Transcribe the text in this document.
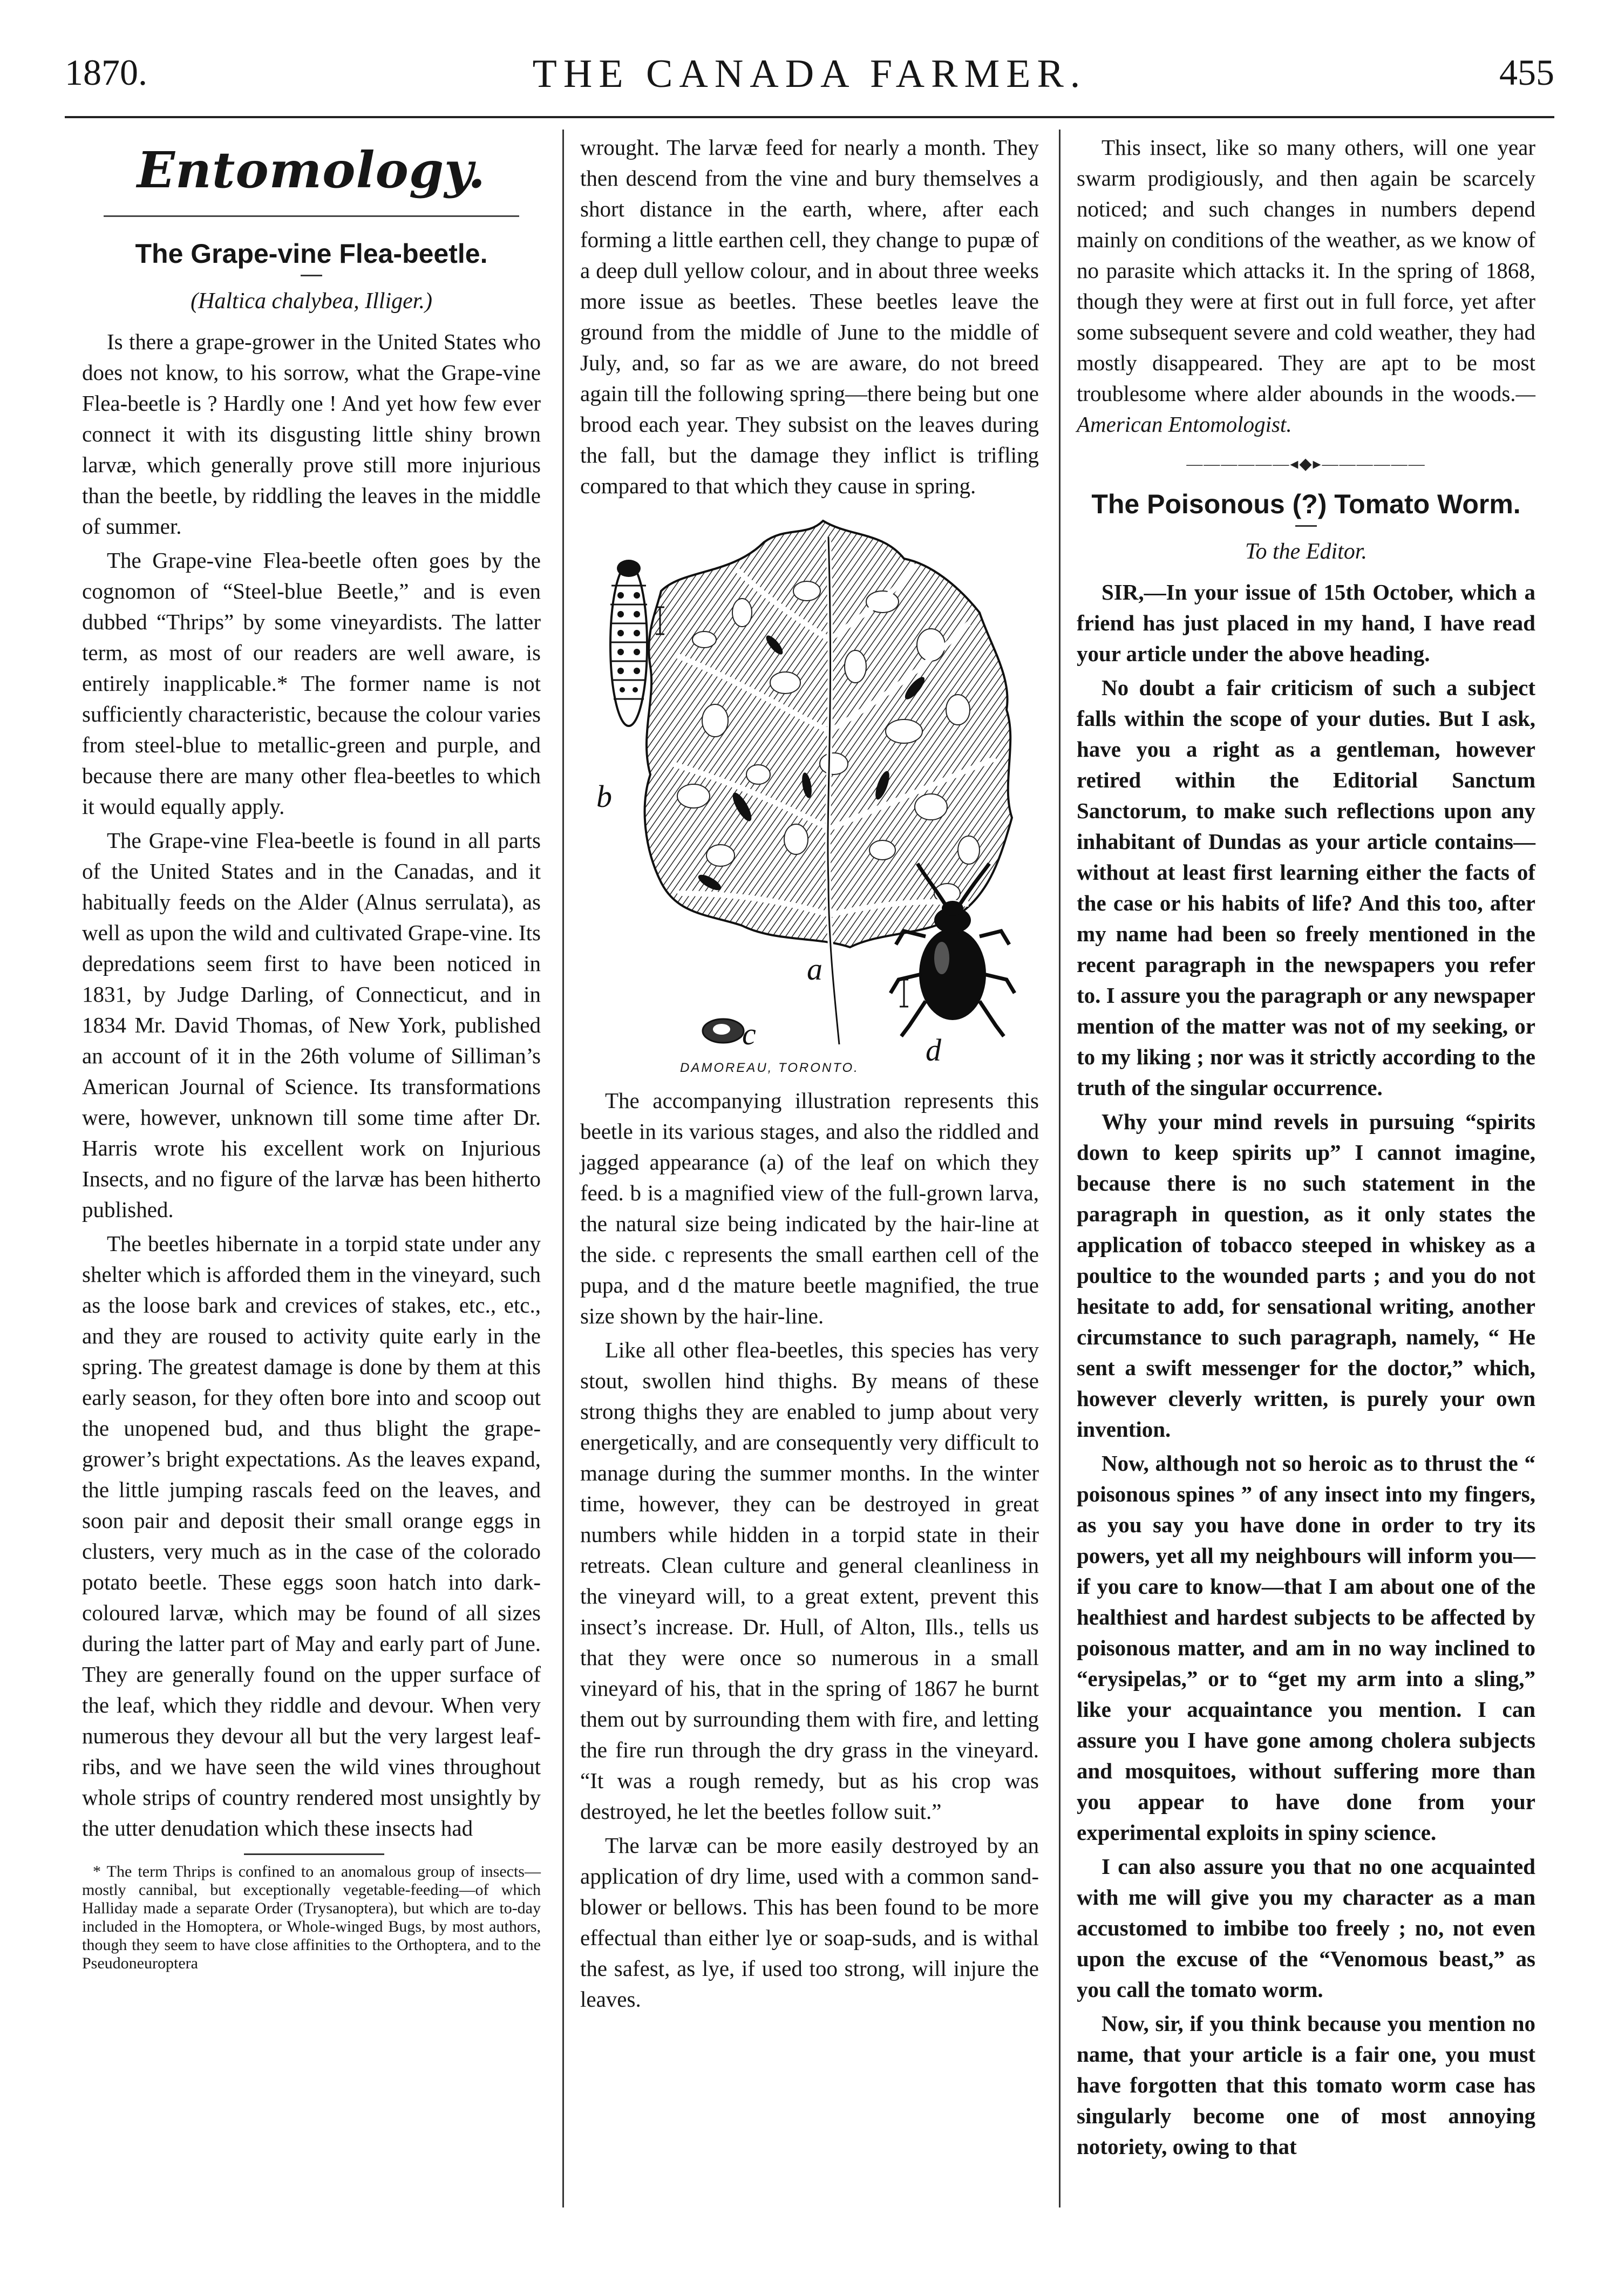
1870.	THE CANADA FARMER.	455
Entomology.
The Grape-vine Flea-beetle.
(Haltica chalybea, Illiger.)

Is there a grape-grower in the United States who does not know, to his sorrow, what the Grape-vine Flea-beetle is ? Hardly one ! And yet how few ever connect it with its disgusting little shiny brown larvæ, which generally prove still more injurious than the beetle, by riddling the leaves in the middle of summer.

The Grape-vine Flea-beetle often goes by the cognomon of “Steel-blue Beetle,” and is even dubbed “Thrips” by some vineyardists. The latter term, as most of our readers are well aware, is entirely inapplicable.* The former name is not sufficiently characteristic, because the colour varies from steel-blue to metallic-green and purple, and because there are many other flea-beetles to which it would equally apply.

The Grape-vine Flea-beetle is found in all parts of the United States and in the Canadas, and it habitually feeds on the Alder (Alnus serrulata), as well as upon the wild and cultivated Grape-vine. Its depredations seem first to have been noticed in 1831, by Judge Darling, of Connecticut, and in 1834 Mr. David Thomas, of New York, published an account of it in the 26th volume of Silliman’s American Journal of Science. Its transformations were, however, unknown till some time after Dr. Harris wrote his excellent work on Injurious Insects, and no figure of the larvæ has been hitherto published.

The beetles hibernate in a torpid state under any shelter which is afforded them in the vineyard, such as the loose bark and crevices of stakes, etc., etc., and they are roused to activity quite early in the spring. The greatest damage is done by them at this early season, for they often bore into and scoop out the unopened bud, and thus blight the grape-grower’s bright expectations. As the leaves expand, the little jumping rascals feed on the leaves, and soon pair and deposit their small orange eggs in clusters, very much as in the case of the colorado potato beetle. These eggs soon hatch into dark-coloured larvæ, which may be found of all sizes during the latter part of May and early part of June. They are generally found on the upper surface of the leaf, which they riddle and devour. When very numerous they devour all but the very largest leaf-ribs, and we have seen the wild vines throughout whole strips of country rendered most unsightly by the utter denudation which these insects had

* The term Thrips is confined to an anomalous group of insects—mostly cannibal, but exceptionally vegetable-feeding—of which Halliday made a separate Order (Trysanoptera), but which are to-day included in the Homoptera, or Whole-winged Bugs, by most authors, though they seem to have close affinities to the Orthoptera, and to the Pseudoneuroptera

wrought. The larvæ feed for nearly a month. They then descend from the vine and bury themselves a short distance in the earth, where, after each forming a little earthen cell, they change to pupæ of a deep dull yellow colour, and in about three weeks more issue as beetles. These beetles leave the ground from the middle of June to the middle of July, and, so far as we are aware, do not breed again till the following spring—there being but one brood each year. They subsist on the leaves during the fall, but the damage they inflict is trifling compared to that which they cause in spring.

b
a
c	d
DAMOREAU, TORONTO.

The accompanying illustration represents this beetle in its various stages, and also the riddled and jagged appearance (a) of the leaf on which they feed. b is a magnified view of the full-grown larva, the natural size being indicated by the hair-line at the side. c represents the small earthen cell of the pupa, and d the mature beetle magnified, the true size shown by the hair-line.

Like all other flea-beetles, this species has very stout, swollen hind thighs. By means of these strong thighs they are enabled to jump about very energetically, and are consequently very difficult to manage during the summer months. In the winter time, however, they can be destroyed in great numbers while hidden in a torpid state in their retreats. Clean culture and general cleanliness in the vineyard will, to a great extent, prevent this insect’s increase. Dr. Hull, of Alton, Ills., tells us that they were once so numerous in a small vineyard of his, that in the spring of 1867 he burnt them out by surrounding them with fire, and letting the fire run through the dry grass in the vineyard. “It was a rough remedy, but as his crop was destroyed, he let the beetles follow suit.”

The larvæ can be more easily destroyed by an application of dry lime, used with a common sand-blower or bellows. This has been found to be more effectual than either lye or soap-suds, and is withal the safest, as lye, if used too strong, will injure the leaves.

This insect, like so many others, will one year swarm prodigiously, and then again be scarcely noticed; and such changes in numbers depend mainly on conditions of the weather, as we know of no parasite which attacks it. In the spring of 1868, though they were at first out in full force, yet after some subsequent severe and cold weather, they had mostly disappeared. They are apt to be most troublesome where alder abounds in the woods.—American Entomologist.

——————◂◆▸——————
The Poisonous (?) Tomato Worm.
To the Editor.

SIR,—In your issue of 15th October, which a friend has just placed in my hand, I have read your article under the above heading.

No doubt a fair criticism of such a subject falls within the scope of your duties. But I ask, have you a right as a gentleman, however retired within the Editorial Sanctum Sanctorum, to make such reflections upon any inhabitant of Dundas as your article contains—without at least first learning either the facts of the case or his habits of life? And this too, after my name had been so freely mentioned in the recent paragraph in the newspapers you refer to. I assure you the paragraph or any newspaper mention of the matter was not of my seeking, or to my liking ; nor was it strictly according to the truth of the singular occurrence.

Why your mind revels in pursuing “spirits down to keep spirits up” I cannot imagine, because there is no such statement in the paragraph in question, as it only states the application of tobacco steeped in whiskey as a poultice to the wounded parts ; and you do not hesitate to add, for sensational writing, another circumstance to such paragraph, namely, “ He sent a swift messenger for the doctor,” which, however cleverly written, is purely your own invention.

Now, although not so heroic as to thrust the “ poisonous spines ” of any insect into my fingers, as you say you have done in order to try its powers, yet all my neighbours will inform you—if you care to know—that I am about one of the healthiest and hardest subjects to be affected by poisonous matter, and am in no way inclined to “erysipelas,” or to “get my arm into a sling,” like your acquaintance you mention. I can assure you I have gone among cholera subjects and mosquitoes, without suffering more than you appear to have done from your experimental exploits in spiny science.

I can also assure you that no one acquainted with me will give you my character as a man accustomed to imbibe too freely ; no, not even upon the excuse of the “Venomous beast,” as you call the tomato worm.

Now, sir, if you think because you mention no name, that your article is a fair one, you must have forgotten that this tomato worm case has singularly become one of most annoying notoriety, owing to that
